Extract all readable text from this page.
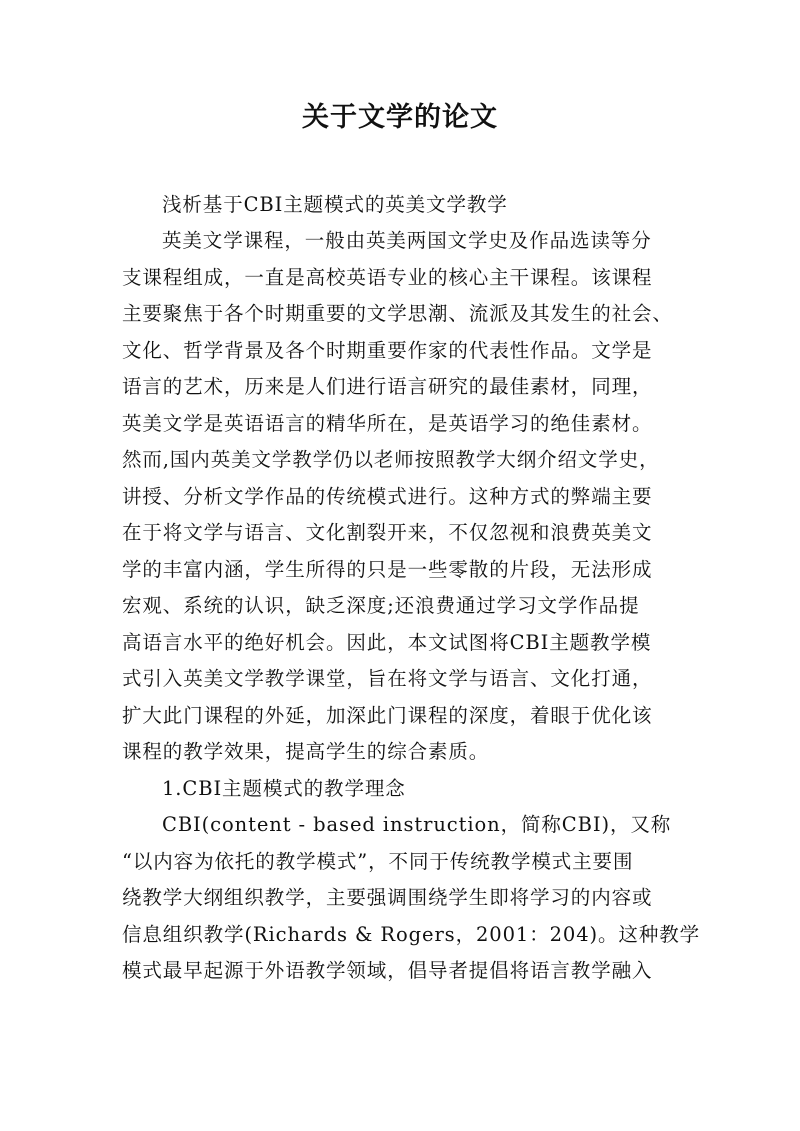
关于文学的论文
浅析基于CBI主题模式的英美文学教学
英美文学课程，一般由英美两国文学史及作品选读等分
支课程组成，一直是高校英语专业的核心主干课程。该课程
主要聚焦于各个时期重要的文学思潮、流派及其发生的社会、
文化、哲学背景及各个时期重要作家的代表性作品。文学是
语言的艺术，历来是人们进行语言研究的最佳素材，同理，
英美文学是英语语言的精华所在，是英语学习的绝佳素材。
然而,国内英美文学教学仍以老师按照教学大纲介绍文学史，
讲授、分析文学作品的传统模式进行。这种方式的弊端主要
在于将文学与语言、文化割裂开来，不仅忽视和浪费英美文
学的丰富内涵，学生所得的只是一些零散的片段，无法形成
宏观、系统的认识，缺乏深度;还浪费通过学习文学作品提
高语言水平的绝好机会。因此，本文试图将CBI主题教学模
式引入英美文学教学课堂，旨在将文学与语言、文化打通，
扩大此门课程的外延，加深此门课程的深度，着眼于优化该
课程的教学效果，提高学生的综合素质。
1.CBI主题模式的教学理念
CBI(content - based instruction，简称CBI)，又称
“以内容为依托的教学模式”，不同于传统教学模式主要围
绕教学大纲组织教学，主要强调围绕学生即将学习的内容或
信息组织教学(Richards & Rogers，2001：204)。这种教学
模式最早起源于外语教学领域，倡导者提倡将语言教学融入
